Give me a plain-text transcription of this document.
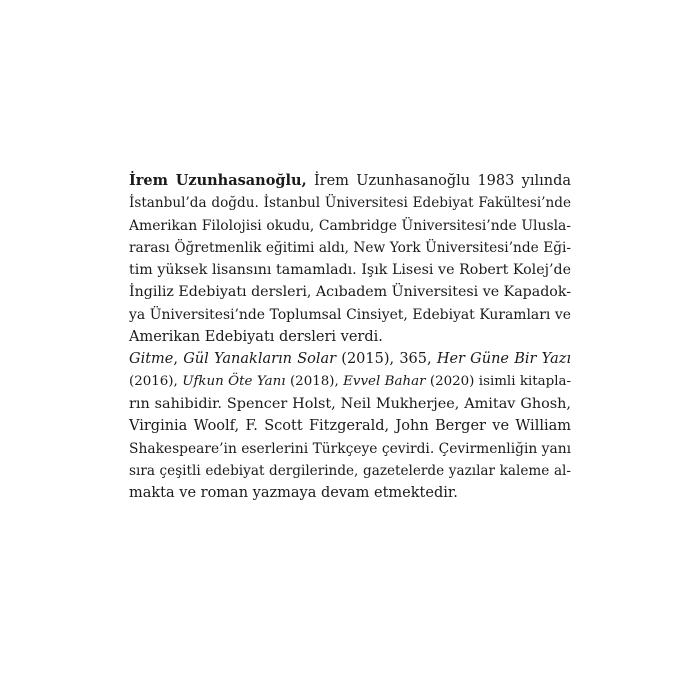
İrem Uzunhasanoğlu, İrem Uzunhasanoğlu 1983 yılında
İstanbul’da doğdu. İstanbul Üniversitesi Edebiyat Fakültesi’nde
Amerikan Filolojisi okudu, Cambridge Üniversitesi’nde Ulusla-
rarası Öğretmenlik eğitimi aldı, New York Üniversitesi’nde Eği-
tim yüksek lisansını tamamladı. Işık Lisesi ve Robert Kolej’de
İngiliz Edebiyatı dersleri, Acıbadem Üniversitesi ve Kapadok-
ya Üniversitesi’nde Toplumsal Cinsiyet, Edebiyat Kuramları ve
Amerikan Edebiyatı dersleri verdi.
Gitme, Gül Yanakların Solar (2015), 365, Her Güne Bir Yazı
(2016), Ufkun Öte Yanı (2018), Evvel Bahar (2020) isimli kitapla-
rın sahibidir. Spencer Holst, Neil Mukherjee, Amitav Ghosh,
Virginia Woolf, F. Scott Fitzgerald, John Berger ve William
Shakespeare’in eserlerini Türkçeye çevirdi. Çevirmenliğin yanı
sıra çeşitli edebiyat dergilerinde, gazetelerde yazılar kaleme al-
makta ve roman yazmaya devam etmektedir.
